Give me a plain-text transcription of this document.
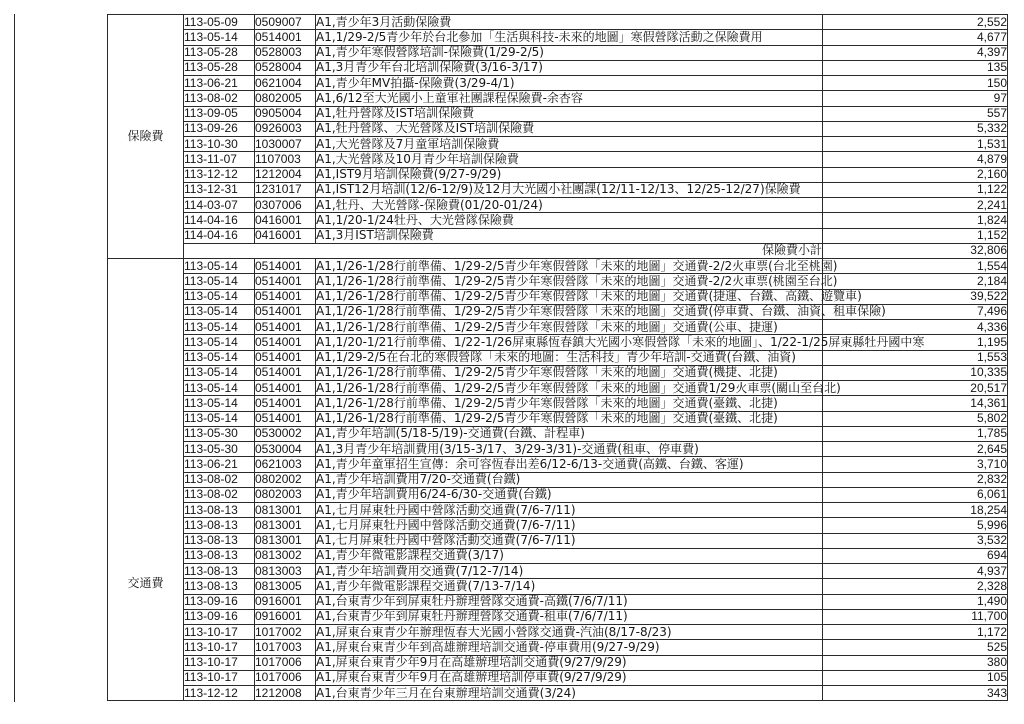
保險費	113-05-09	0509007	A1,青少年3月活動保險費	2,552
	113-05-14	0514001	A1,1/29-2/5青少年於台北參加「生活與科技-未來的地圖」寒假營隊活動之保險費用	4,677
	113-05-28	0528003	A1,青少年寒假營隊培訓-保險費(1/29-2/5)	4,397
	113-05-28	0528004	A1,3月青少年台北培訓保險費(3/16-3/17)	135
	113-06-21	0621004	A1,青少年MV拍攝-保險費(3/29-4/1)	150
	113-08-02	0802005	A1,6/12至大光國小上童軍社團課程保險費-余杏容	97
	113-09-05	0905004	A1,牡丹營隊及IST培訓保險費	557
	113-09-26	0926003	A1,牡丹營隊、大光營隊及IST培訓保險費	5,332
	113-10-30	1030007	A1,大光營隊及7月童軍培訓保險費	1,531
	113-11-07	1107003	A1,大光營隊及10月青少年培訓保險費	4,879
	113-12-12	1212004	A1,IST9月培訓保險費(9/27-9/29)	2,160
	113-12-31	1231017	A1,IST12月培訓(12/6-12/9)及12月大光國小社團課(12/11-12/13、12/25-12/27)保險費	1,122
	114-03-07	0307006	A1,牡丹、大光營隊-保險費(01/20-01/24)	2,241
	114-04-16	0416001	A1,1/20-1/24牡丹、大光營隊保險費	1,824
	114-04-16	0416001	A1,3月IST培訓保險費	1,152
	保險費小計			32,806

交通費	113-05-14	0514001	A1,1/26-1/28行前準備、1/29-2/5青少年寒假營隊「未來的地圖」交通費-2/2火車票(台北至桃園)	1,554
	113-05-14	0514001	A1,1/26-1/28行前準備、1/29-2/5青少年寒假營隊「未來的地圖」交通費-2/2火車票(桃園至台北)	2,184
	113-05-14	0514001	A1,1/26-1/28行前準備、1/29-2/5青少年寒假營隊「未來的地圖」交通費(捷運、台鐵、高鐵、遊覽車)	39,522
	113-05-14	0514001	A1,1/26-1/28行前準備、1/29-2/5青少年寒假營隊「未來的地圖」交通費(停車費、台鐵、油資、租車保險)	7,496
	113-05-14	0514001	A1,1/26-1/28行前準備、1/29-2/5青少年寒假營隊「未來的地圖」交通費(公車、捷運)	4,336
	113-05-14	0514001	A1,1/20-1/21行前準備、1/22-1/26屏東縣恆春鎮大光國小寒假營隊「未來的地圖」、1/22-1/25屏東縣牡丹國中寒	1,195
	113-05-14	0514001	A1,1/29-2/5在台北的寒假營隊「未來的地圖：生活科技」青少年培訓-交通費(台鐵、油資)	1,553
	113-05-14	0514001	A1,1/26-1/28行前準備、1/29-2/5青少年寒假營隊「未來的地圖」交通費(機捷、北捷)	10,335
	113-05-14	0514001	A1,1/26-1/28行前準備、1/29-2/5青少年寒假營隊「未來的地圖」交通費1/29火車票(關山至台北)	20,517
	113-05-14	0514001	A1,1/26-1/28行前準備、1/29-2/5青少年寒假營隊「未來的地圖」交通費(臺鐵、北捷)	14,361
	113-05-14	0514001	A1,1/26-1/28行前準備、1/29-2/5青少年寒假營隊「未來的地圖」交通費(臺鐵、北捷)	5,802
	113-05-30	0530002	A1,青少年培訓(5/18-5/19)-交通費(台鐵、計程車)	1,785
	113-05-30	0530004	A1,3月青少年培訓費用(3/15-3/17、3/29-3/31)-交通費(租車、停車費)	2,645
	113-06-21	0621003	A1,青少年童軍招生宣傳：余可容恆春出差6/12-6/13-交通費(高鐵、台鐵、客運)	3,710
	113-08-02	0802002	A1,青少年培訓費用7/20-交通費(台鐵)	2,832
	113-08-02	0802003	A1,青少年培訓費用6/24-6/30-交通費(台鐵)	6,061
	113-08-13	0813001	A1,七月屏東牡丹國中營隊活動交通費(7/6-7/11)	18,254
	113-08-13	0813001	A1,七月屏東牡丹國中營隊活動交通費(7/6-7/11)	5,996
	113-08-13	0813001	A1,七月屏東牡丹國中營隊活動交通費(7/6-7/11)	3,532
	113-08-13	0813002	A1,青少年微電影課程交通費(3/17)	694
	113-08-13	0813003	A1,青少年培訓費用交通費(7/12-7/14)	4,937
	113-08-13	0813005	A1,青少年微電影課程交通費(7/13-7/14)	2,328
	113-09-16	0916001	A1,台東青少年到屏東牡丹辦理營隊交通費-高鐵(7/6/7/11)	1,490
	113-09-16	0916001	A1,台東青少年到屏東牡丹辦理營隊交通費-租車(7/6/7/11)	11,700
	113-10-17	1017002	A1,屏東台東青少年辦理恆春大光國小營隊交通費-汽油(8/17-8/23)	1,172
	113-10-17	1017003	A1,屏東台東青少年到高雄辦理培訓交通費-停車費用(9/27-9/29)	525
	113-10-17	1017006	A1,屏東台東青少年9月在高雄辦理培訓交通費(9/27/9/29)	380
	113-10-17	1017006	A1,屏東台東青少年9月在高雄辦理培訓停車費(9/27/9/29)	105
	113-12-12	1212008	A1,台東青少年三月在台東辦理培訓交通費(3/24)	343
